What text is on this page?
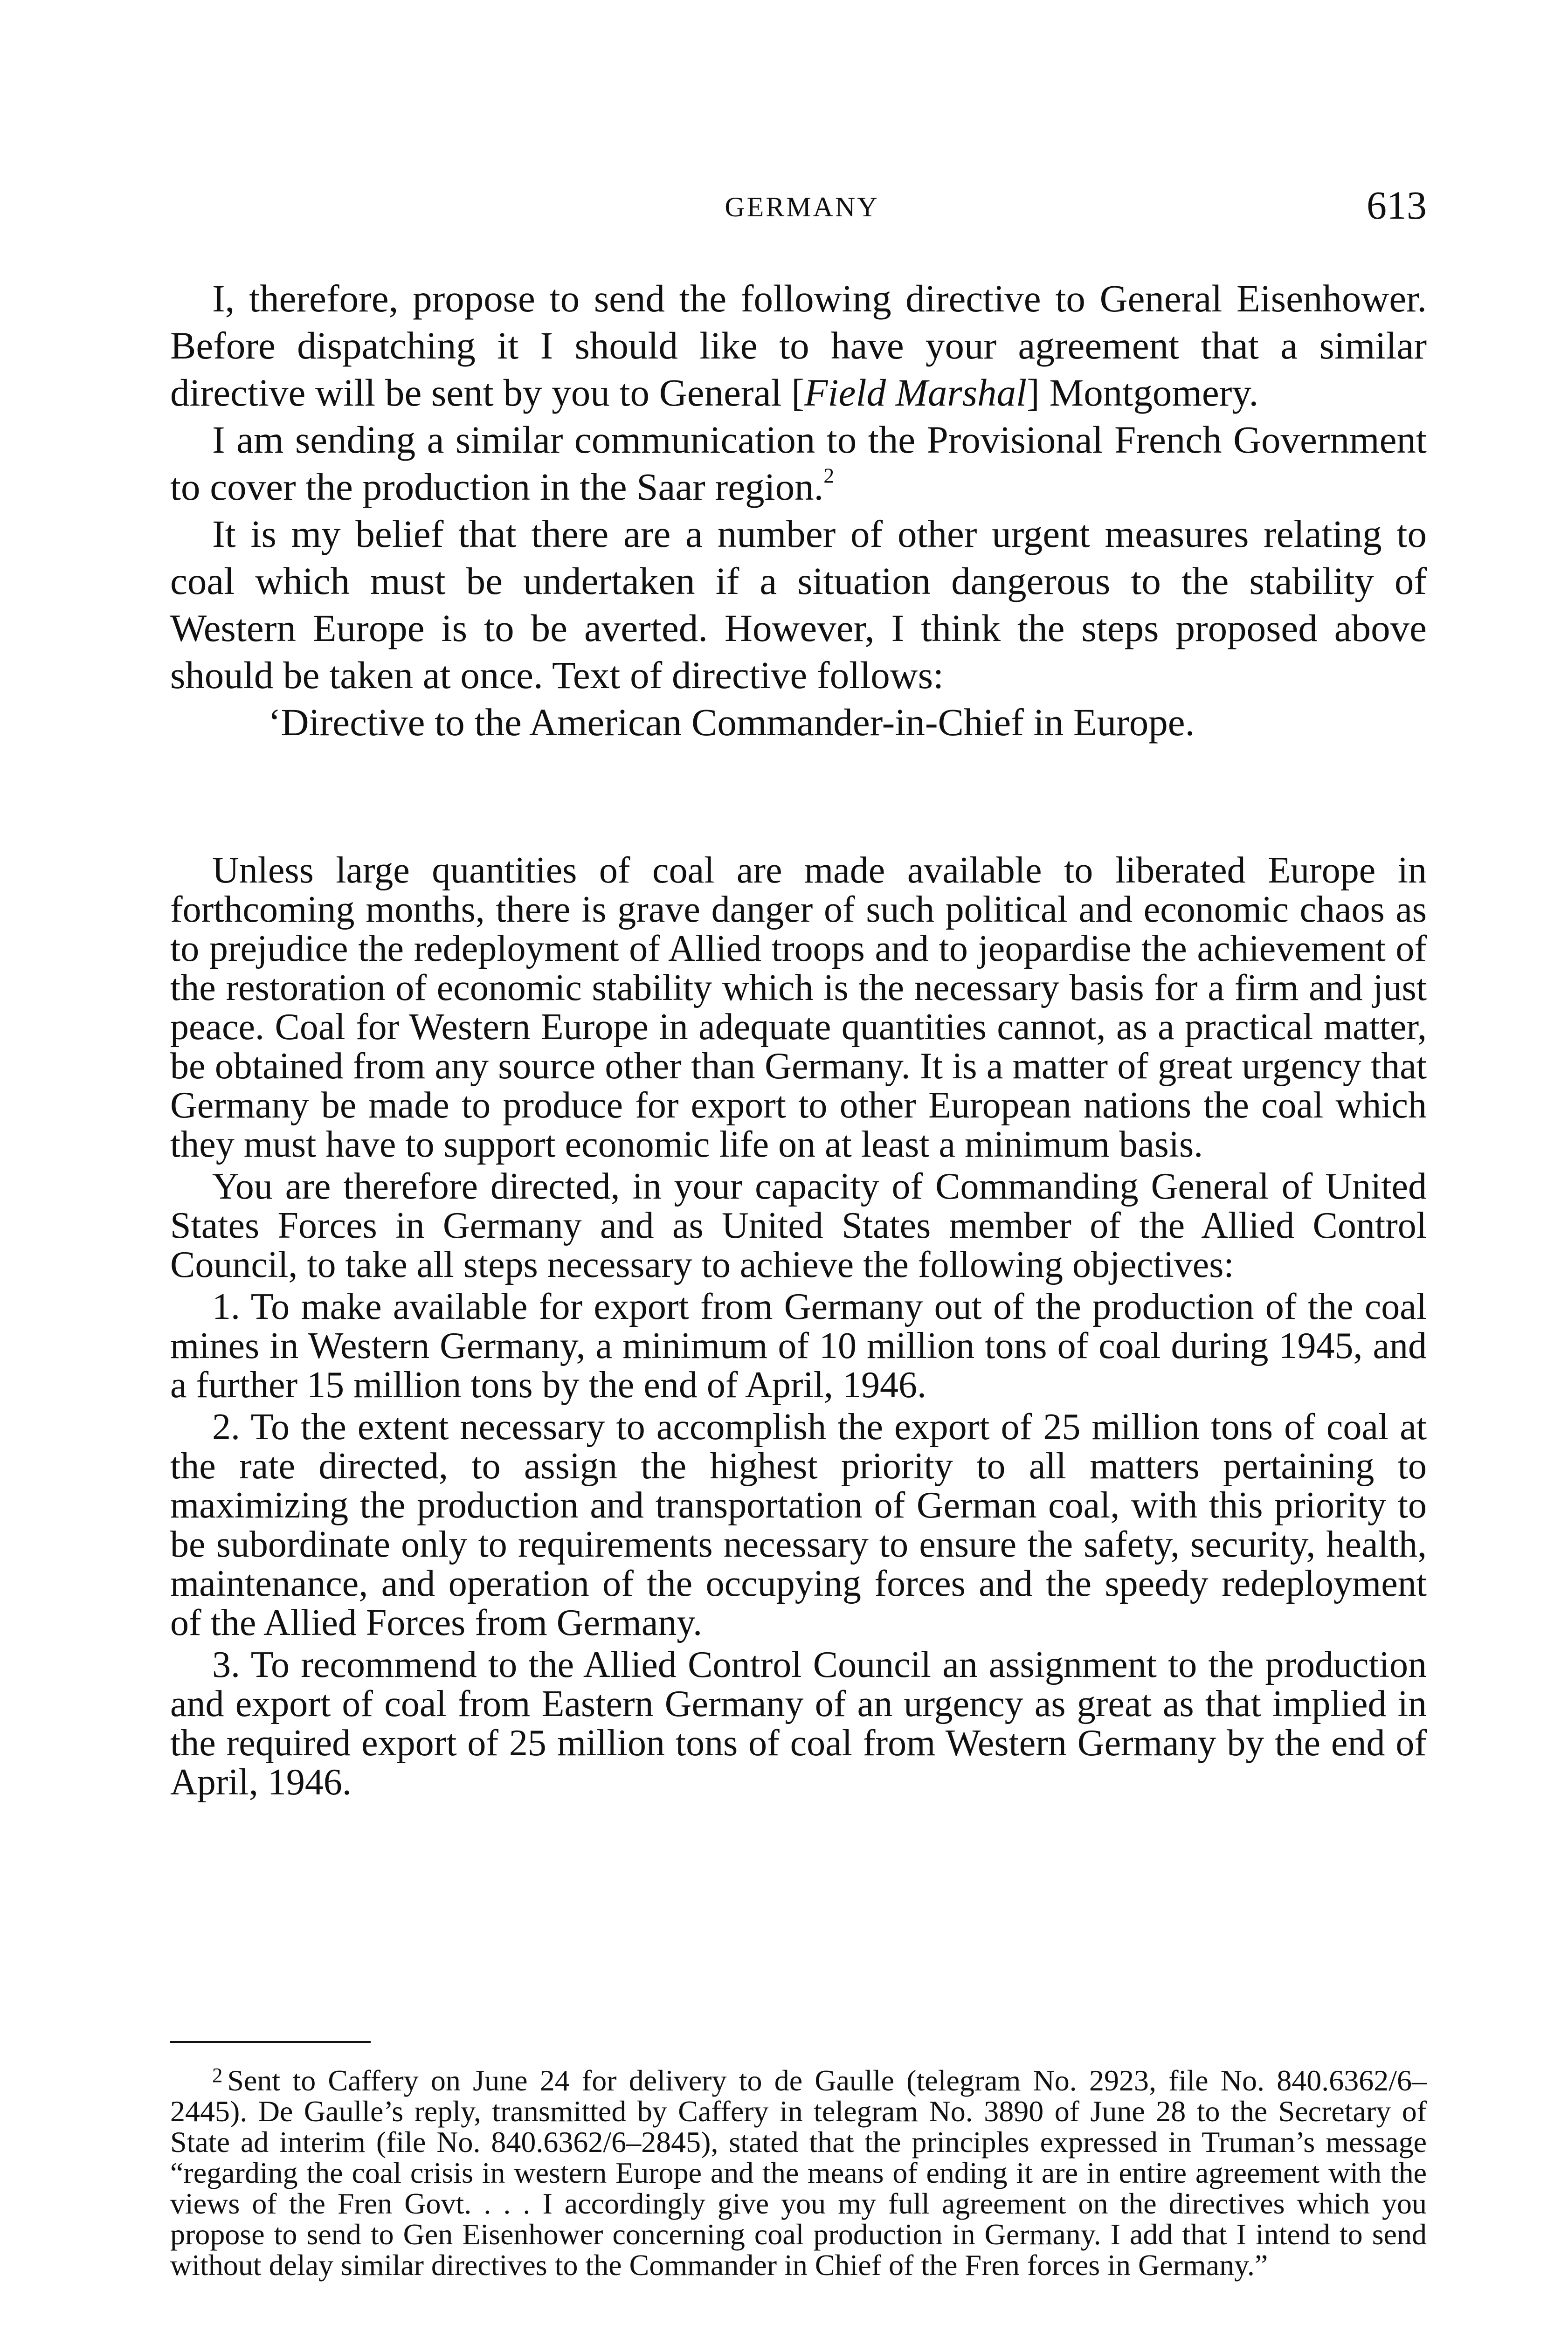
GERMANY	613

I, therefore, propose to send the following directive to General Eisenhower. Before dispatching it I should like to have your agreement that a similar directive will be sent by you to General [Field Marshal] Montgomery.

I am sending a similar communication to the Provisional French Government to cover the production in the Saar region.$^2$

It is my belief that there are a number of other urgent measures relating to coal which must be undertaken if a situation dangerous to the stability of Western Europe is to be averted. However, I think the steps proposed above should be taken at once. Text of directive follows:

‘Directive to the American Commander-in-Chief in Europe.

Unless large quantities of coal are made available to liberated Europe in forthcoming months, there is grave danger of such political and economic chaos as to prejudice the redeployment of Allied troops and to jeopardise the achievement of the restoration of economic stability which is the necessary basis for a firm and just peace. Coal for Western Europe in adequate quantities cannot, as a practical matter, be obtained from any source other than Germany. It is a matter of great urgency that Germany be made to produce for export to other European nations the coal which they must have to support economic life on at least a minimum basis.

You are therefore directed, in your capacity of Commanding General of United States Forces in Germany and as United States member of the Allied Control Council, to take all steps necessary to achieve the following objectives:

1. To make available for export from Germany out of the production of the coal mines in Western Germany, a minimum of 10 million tons of coal during 1945, and a further 15 million tons by the end of April, 1946.

2. To the extent necessary to accomplish the export of 25 million tons of coal at the rate directed, to assign the highest priority to all matters pertaining to maximizing the production and transportation of German coal, with this priority to be subordinate only to requirements necessary to ensure the safety, security, health, maintenance, and operation of the occupying forces and the speedy redeployment of the Allied Forces from Germany.

3. To recommend to the Allied Control Council an assignment to the production and export of coal from Eastern Germany of an urgency as great as that implied in the required export of 25 million tons of coal from Western Germany by the end of April, 1946.

$^2$ Sent to Caffery on June 24 for delivery to de Gaulle (telegram No. 2923, file No. 840.6362/6–2445). De Gaulle’s reply, transmitted by Caffery in telegram No. 3890 of June 28 to the Secretary of State ad interim (file No. 840.6362/6–2845), stated that the principles expressed in Truman’s message “regarding the coal crisis in western Europe and the means of ending it are in entire agreement with the views of the Fren Govt. . . . I accordingly give you my full agreement on the directives which you propose to send to Gen Eisenhower concerning coal production in Germany. I add that I intend to send without delay similar directives to the Commander in Chief of the Fren forces in Germany.”
